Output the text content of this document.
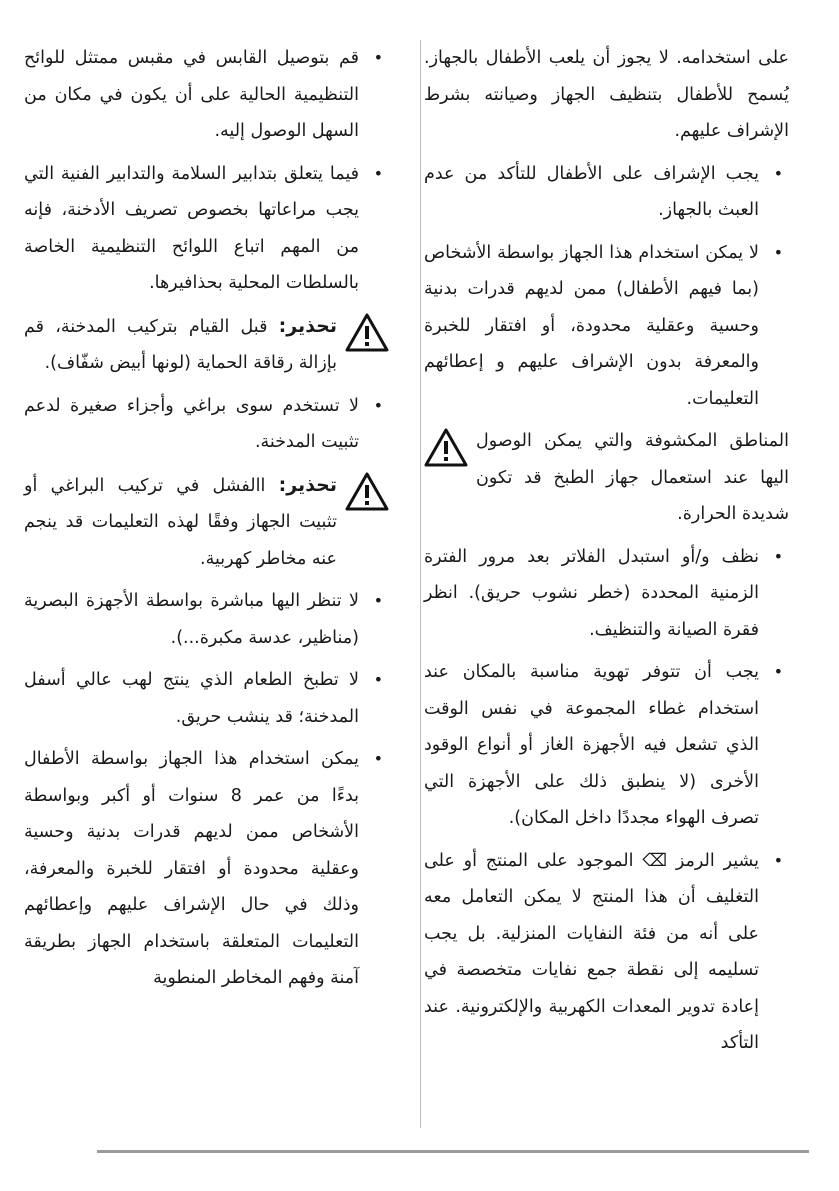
على استخدامه. لا يجوز أن يلعب الأطفال بالجهاز. يُسمح للأطفال بتنظيف الجهاز وصيانته بشرط الإشراف عليهم.

•
يجب الإشراف على الأطفال للتأكد من عدم العبث بالجهاز.
•
لا يمكن استخدام هذا الجهاز بواسطة الأشخاص (بما فيهم الأطفال) ممن لديهم قدرات بدنية وحسية وعقلية محدودة، أو افتقار للخبرة والمعرفة بدون الإشراف عليهم و إعطائهم التعليمات.
المناطق المكشوفة والتي يمكن الوصول اليها عند استعمال جهاز الطبخ قد تكون شديدة الحرارة.
•
نظف و/أو استبدل الفلاتر بعد مرور الفترة الزمنية المحددة (خطر نشوب حريق). انظر فقرة الصيانة والتنظيف.
•
يجب أن تتوفر تهوية مناسبة بالمكان عند استخدام غطاء المجموعة في نفس الوقت الذي تشعل فيه الأجهزة الغاز أو أنواع الوقود الأخرى (لا ينطبق ذلك على الأجهزة التي تصرف الهواء مجددًا داخل المكان).
•
يشير الرمز ⌫ الموجود على المنتج أو على التغليف أن هذا المنتج لا يمكن التعامل معه على أنه من فئة النفايات المنزلية. بل يجب تسليمه إلى نقطة جمع نفايات متخصصة في إعادة تدوير المعدات الكهربية والإلكترونية. عند التأكد
•
قم بتوصيل القابس في مقبس ممتثل للوائح التنظيمية الحالية على أن يكون في مكان من السهل الوصول إليه.
•
فيما يتعلق بتدابير السلامة والتدابير الفنية التي يجب مراعاتها بخصوص تصريف الأدخنة، فإنه من المهم اتباع اللوائح التنظيمية الخاصة بالسلطات المحلية بحذافيرها.
تحذير: قبل القيام بتركيب المدخنة، قم بإزالة رقاقة الحماية (لونها أبيض شفّاف).
•
لا تستخدم سوى براغي وأجزاء صغيرة لدعم تثبيت المدخنة.
تحذير: االفشل في تركيب البراغي أو تثبيت الجهاز وفقًا لهذه التعليمات قد ينجم عنه مخاطر كهربية.
•
لا تنظر اليها مباشرة بواسطة الأجهزة البصرية (مناظير، عدسة مكبرة...).
•
لا تطبخ الطعام الذي ينتج لهب عالي أسفل المدخنة؛ قد ينشب حريق.
•
يمكن استخدام هذا الجهاز بواسطة الأطفال بدءًا من عمر 8 سنوات أو أكبر وبواسطة الأشخاص ممن لديهم قدرات بدنية وحسية وعقلية محدودة أو افتقار للخبرة والمعرفة، وذلك في حال الإشراف عليهم وإعطائهم التعليمات المتعلقة باستخدام الجهاز بطريقة آمنة وفهم المخاطر المنطوية
